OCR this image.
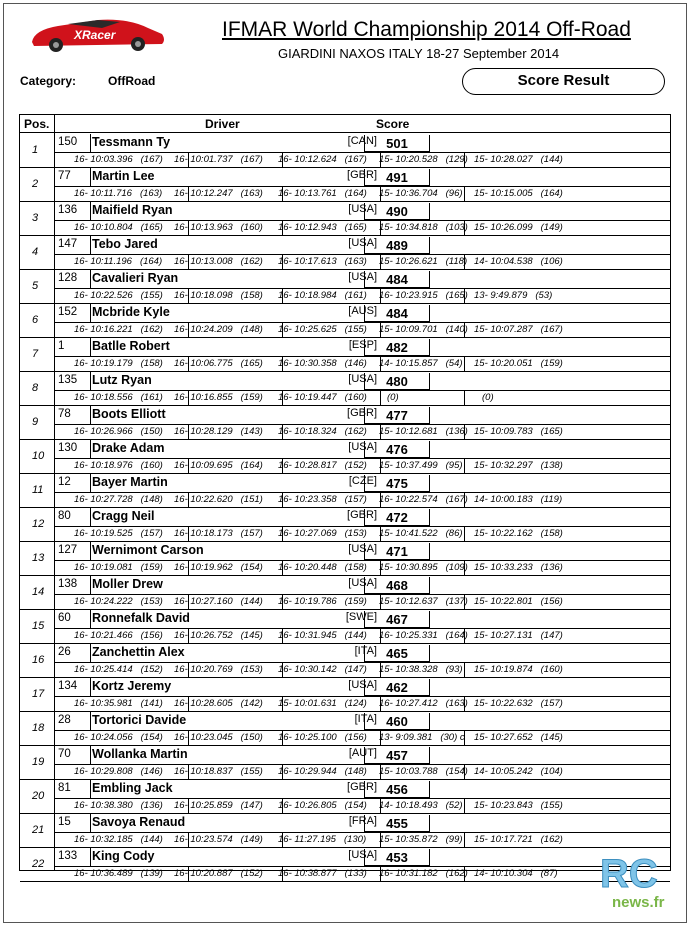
XRacer	IFMAR World Championship 2014 Off-Road
GIARDINI NAXOS ITALY 18-27 September 2014
Category:	OffRoad	Score Result
Pos.	Driver	Score
1
150 Tessmann Ty	[CAN] 501
16- 10:03.396 (167) 16- 10:01.737 (167) 16- 10:12.624 (167) 15- 10:20.528 (129) 15- 10:28.027 (144)
2
77 Martin Lee	[GBR] 491
16- 10:11.716 (163) 16- 10:12.247 (163) 16- 10:13.761 (164) 15- 10:36.704 (96) 15- 10:15.005 (164)
3
136 Maifield Ryan	[USA] 490
16- 10:10.804 (165) 16- 10:13.963 (160) 16- 10:12.943 (165) 15- 10:34.818 (103) 15- 10:26.099 (149)
4
147 Tebo Jared	[USA] 489
16- 10:11.196 (164) 16- 10:13.008 (162) 16- 10:17.613 (163) 15- 10:26.621 (118) 14- 10:04.538 (106)
5
128 Cavalieri Ryan	[USA] 484
16- 10:22.526 (155) 16- 10:18.098 (158) 16- 10:18.984 (161) 16- 10:23.915 (165) 13- 9:49.879 (53)
6
152 Mcbride Kyle	[AUS] 484
16- 10:16.221 (162) 16- 10:24.209 (148) 16- 10:25.625 (155) 15- 10:09.701 (140) 15- 10:07.287 (167)
7
1 Batlle Robert	[ESP] 482
16- 10:19.179 (158) 16- 10:06.775 (165) 16- 10:30.358 (146) 14- 10:15.857 (54) 15- 10:20.051 (159)
8
135 Lutz Ryan	[USA] 480
16- 10:18.556 (161) 16- 10:16.855 (159) 16- 10:19.447 (160)	(0)	(0)
9
78 Boots Elliott	[GBR] 477
16- 10:26.966 (150) 16- 10:28.129 (143) 16- 10:18.324 (162) 15- 10:12.681 (136) 15- 10:09.783 (165)
10
130 Drake Adam	[USA] 476
16- 10:18.976 (160) 16- 10:09.695 (164) 16- 10:28.817 (152) 15- 10:37.499 (95) 15- 10:32.297 (138)
11
12 Bayer Martin	[CZE] 475
16- 10:27.728 (148) 16- 10:22.620 (151) 16- 10:23.358 (157) 16- 10:22.574 (167) 14- 10:00.183 (119)
12
80 Cragg Neil	[GBR] 472
16- 10:19.525 (157) 16- 10:18.173 (157) 16- 10:27.069 (153) 15- 10:41.522 (86) 15- 10:22.162 (158)
13
127 Wernimont Carson	[USA] 471
16- 10:19.081 (159) 16- 10:19.962 (154) 16- 10:20.448 (158) 15- 10:30.895 (109) 15- 10:33.233 (136)
14
138 Moller Drew	[USA] 468
16- 10:24.222 (153) 16- 10:27.160 (144) 16- 10:19.786 (159) 15- 10:12.637 (137) 15- 10:22.801 (156)
15
60 Ronnefalk David	[SWE] 467
16- 10:21.466 (156) 16- 10:26.752 (145) 16- 10:31.945 (144) 16- 10:25.331 (164) 15- 10:27.131 (147)
16
26 Zanchettin Alex	[ITA] 465
16- 10:25.414 (152) 16- 10:20.769 (153) 16- 10:30.142 (147) 15- 10:38.328 (93) 15- 10:19.874 (160)
17
134 Kortz Jeremy	[USA] 462
16- 10:35.981 (141) 16- 10:28.605 (142) 15- 10:01.631 (124) 16- 10:27.412 (163) 15- 10:22.632 (157)
18
28 Tortorici Davide	[ITA] 460
16- 10:24.056 (154) 16- 10:23.045 (150) 16- 10:25.100 (156) 13- 9:09.381 (30) c 15- 10:27.652 (145)
19
70 Wollanka Martin	[AUT] 457
16- 10:29.808 (146) 16- 10:18.837 (155) 16- 10:29.944 (148) 15- 10:03.788 (154) 14- 10:05.242 (104)
20
81 Embling Jack	[GBR] 456
16- 10:38.380 (136) 16- 10:25.859 (147) 16- 10:26.805 (154) 14- 10:18.493 (52) 15- 10:23.843 (155)
21
15 Savoya Renaud	[FRA] 455
16- 10:32.185 (144) 16- 10:23.574 (149) 16- 11:27.195 (130) 15- 10:35.872 (99) 15- 10:17.721 (162)
22
133 King Cody	[USA] 453
16- 10:36.489 (139) 16- 10:20.887 (152) 16- 10:38.877 (133) 16- 10:31.182 (162) 14- 10:10.304 (87) RC
news.fr
